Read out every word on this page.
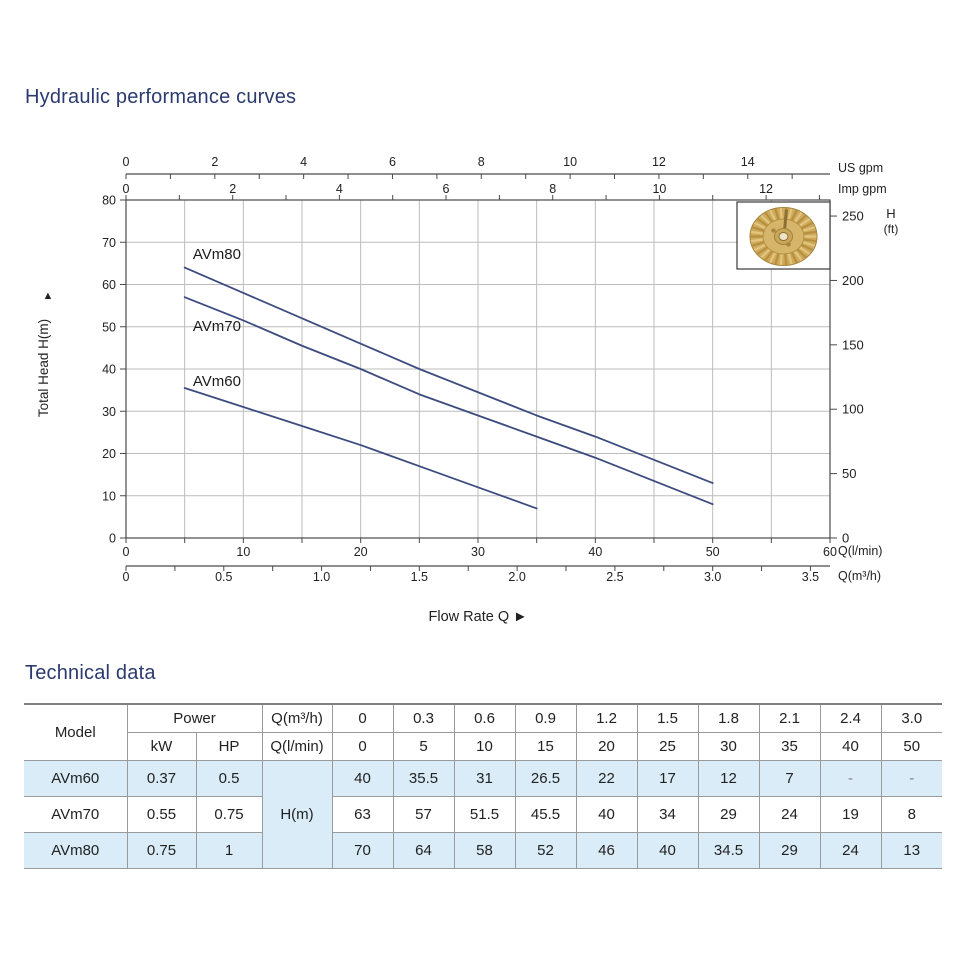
Hydraulic performance curves
0	2	4	6	8	10	12	14	US gpm
0	2	4	6	8	10	12	Imp gpm
0
10
20
30
40
50
60
70
80
Total Head H(m)
▲
0
50
100
150
200
250 H
(ft)
0	10	20	30	40	50	60 Q(l/min)
0	0.5	1.0	1.5	2.0	2.5	3.0	3.5 Q(m³/h)
Flow Rate Q ►
AVm80
AVm70
AVm60
Technical data
Model	Power		Q(m³/h)	0	0.3	0.6	0.9	1.2	1.5	1.8	2.1	2.4	3.0
	kW	HP	Q(l/min)	0	5	10	15	20	25	30	35	40	50
AVm60	0.37	0.5	H(m)	40	35.5	31	26.5	22	17	12	7	-	-
AVm70	0.55	0.75		63	57	51.5	45.5	40	34	29	24	19	8
AVm80	0.75	1		70	64	58	52	46	40	34.5	29	24	13
